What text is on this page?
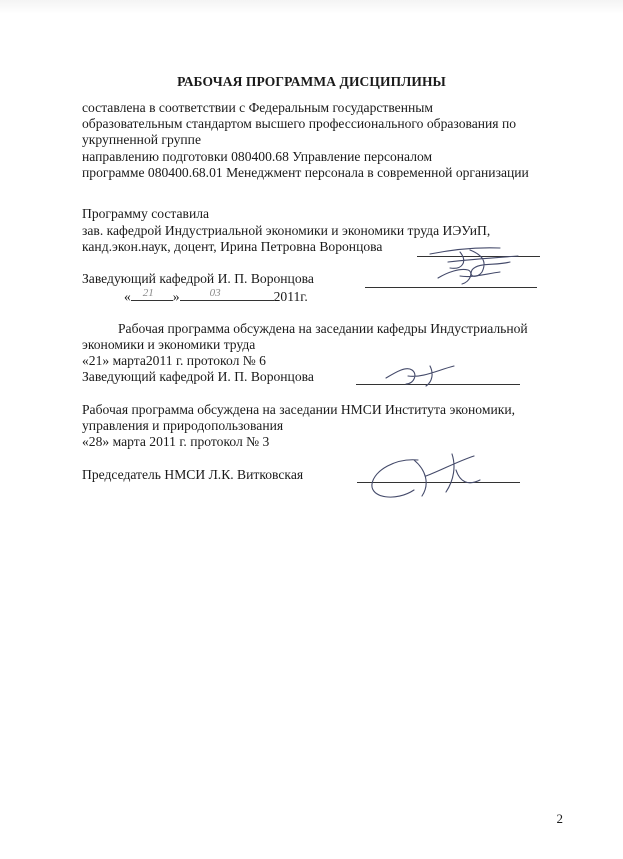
РАБОЧАЯ ПРОГРАММА ДИСЦИПЛИНЫ
составлена в соответствии с Федеральным государственным
образовательным стандартом высшего профессионального образования по
укрупненной группе
направлению подготовки 080400.68 Управление персоналом
программе 080400.68.01 Менеджмент персонала в современной организации
Программу составила
зав. кафедрой Индустриальной экономики и экономики труда ИЭУиП,
канд.экон.наук, доцент, Ирина Петровна Воронцова
Заведующий кафедрой И. П. Воронцова
« 21 »	03	2011г.
Рабочая программа обсуждена на заседании кафедры Индустриальной
экономики и экономики труда
«21» марта2011 г. протокол № 6
Заведующий кафедрой И. П. Воронцова
Рабочая программа обсуждена на заседании НМСИ Института экономики,
управления и природопользования
«28» марта 2011 г. протокол № 3
Председатель НМСИ Л.К. Витковская
2
